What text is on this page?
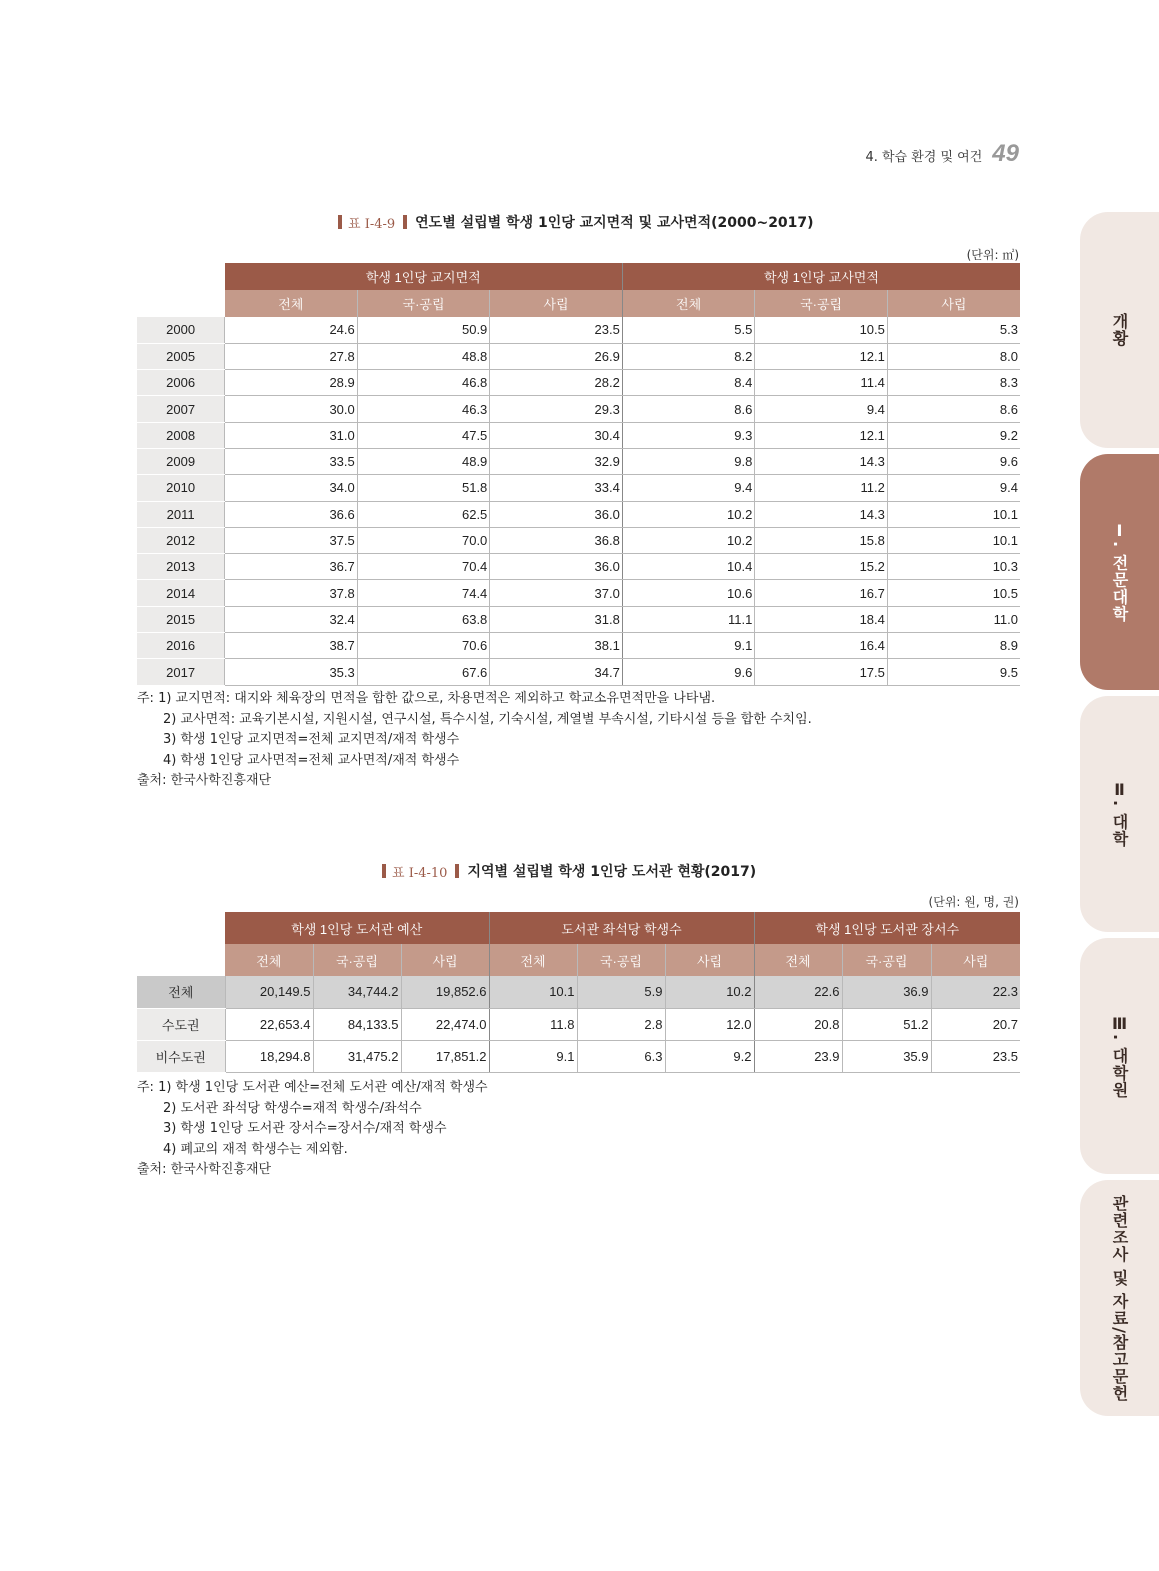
4. 학습 환경 및 여건 49
개황
Ⅰ. 전문대학
Ⅱ. 대학
Ⅲ. 대학원
관련조사 및 자료/참고문헌
표 Ⅰ-4-9 연도별 설립별 학생 1인당 교지면적 및 교사면적(2000~2017)
(단위: ㎡)
	학생 1인당 교지면적			학생 1인당 교사면적		
	전체	국·공립	사립	전체	국·공립	사립
2000	24.6	50.9	23.5	5.5	10.5	5.3
2005	27.8	48.8	26.9	8.2	12.1	8.0
2006	28.9	46.8	28.2	8.4	11.4	8.3
2007	30.0	46.3	29.3	8.6	9.4	8.6
2008	31.0	47.5	30.4	9.3	12.1	9.2
2009	33.5	48.9	32.9	9.8	14.3	9.6
2010	34.0	51.8	33.4	9.4	11.2	9.4
2011	36.6	62.5	36.0	10.2	14.3	10.1
2012	37.5	70.0	36.8	10.2	15.8	10.1
2013	36.7	70.4	36.0	10.4	15.2	10.3
2014	37.8	74.4	37.0	10.6	16.7	10.5
2015	32.4	63.8	31.8	11.1	18.4	11.0
2016	38.7	70.6	38.1	9.1	16.4	8.9
2017	35.3	67.6	34.7	9.6	17.5	9.5
주: 1) 교지면적: 대지와 체육장의 면적을 합한 값으로, 차용면적은 제외하고 학교소유면적만을 나타냄.
2) 교사면적: 교육기본시설, 지원시설, 연구시설, 특수시설, 기숙시설, 계열별 부속시설, 기타시설 등을 합한 수치임.
3) 학생 1인당 교지면적=전체 교지면적/재적 학생수
4) 학생 1인당 교사면적=전체 교사면적/재적 학생수
출처: 한국사학진흥재단
표 Ⅰ-4-10 지역별 설립별 학생 1인당 도서관 현황(2017)
(단위: 원, 명, 권)
	학생 1인당 도서관 예산			도서관 좌석당 학생수			학생 1인당 도서관 장서수		
	전체	국·공립	사립	전체	국·공립	사립	전체	국·공립	사립
전체	20,149.5	34,744.2	19,852.6	10.1	5.9	10.2	22.6	36.9	22.3
수도권	22,653.4	84,133.5	22,474.0	11.8	2.8	12.0	20.8	51.2	20.7
비수도권	18,294.8	31,475.2	17,851.2	9.1	6.3	9.2	23.9	35.9	23.5
주: 1) 학생 1인당 도서관 예산=전체 도서관 예산/재적 학생수
2) 도서관 좌석당 학생수=재적 학생수/좌석수
3) 학생 1인당 도서관 장서수=장서수/재적 학생수
4) 폐교의 재적 학생수는 제외함.
출처: 한국사학진흥재단
